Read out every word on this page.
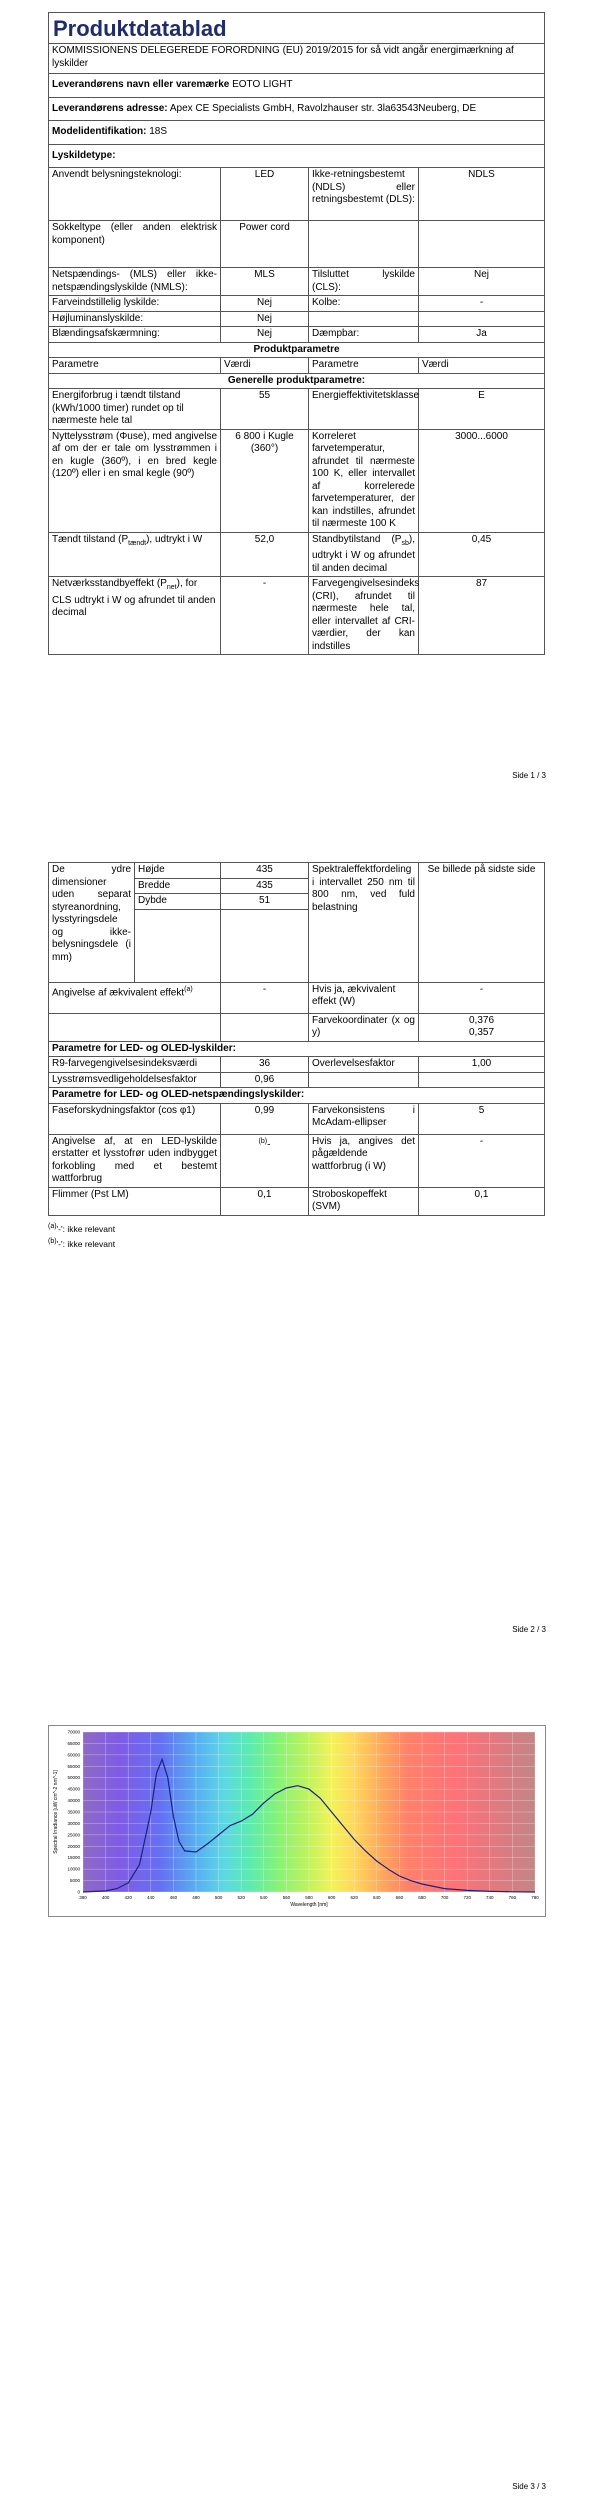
Produktdatablad			
KOMMISSIONENS DELEGEREDE FORORDNING (EU) 2019/2015 for så vidt angår energimærkning af lyskilder			
Leverandørens navn eller varemærke EOTO LIGHT			
Leverandørens adresse: Apex CE Specialists GmbH, Ravolzhauser str. 3la63543Neuberg, DE			
Modelidentifikation: 18S			
Lyskildetype:			
Anvendt belysningsteknologi:	LED	Ikke-retningsbestemt (NDLS) eller retningsbestemt (DLS):	NDLS
Sokkeltype (eller anden elektrisk komponent)	Power cord		
Netspændings- (MLS) eller ikke-netspændingslyskilde (NMLS):	MLS	Tilsluttet lyskilde (CLS):	Nej
Farveindstillelig lyskilde:	Nej	Kolbe:	-
Højluminanslyskilde:	Nej		
Blændingsafskærmning:	Nej	Dæmpbar:	Ja
Produktparametre			
Parametre	Værdi	Parametre	Værdi
Generelle produktparametre:			
Energiforbrug i tændt tilstand (kWh/1000 timer) rundet op til nærmeste hele tal	55	Energieffektivitetsklasse	E
Nyttelysstrøm (Φuse), med angivelse af om der er tale om lysstrømmen i en kugle (360º), i en bred kegle (120º) eller i en smal kegle (90º)	6 800 i Kugle (360°)	Korreleret farvetemperatur, afrundet til nærmeste 100 K, eller intervallet af korrelerede farvetemperaturer, der kan indstilles, afrundet til nærmeste 100 K	3000...6000
Tændt tilstand $(P_{tændt})$, udtrykt i W	52,0	Standbytilstand $(P_{sb})$, udtrykt i W og afrundet til anden decimal	0,45
Netværksstandbyeffekt $(P_{net})$, for CLS udtrykt i W og afrundet til anden decimal	-	Farvegengivelsesindeks (CRI), afrundet til nærmeste hele tal, eller intervallet af CRI-værdier, der kan indstilles	87
Side 1 / 3
De ydre dimensioner uden separat styreanordning, lysstyringsdele og ikke-belysningsdele (i mm)	Højde	435	Spektraleffektfordeling i intervallet 250 nm til 800 nm, ved fuld belastning	Se billede på sidste side
	Bredde	435		
	Dybde	51		

Angivelse af ækvivalent effekt$^{(a)}$		-	Hvis ja, ækvivalent effekt (W)	-
			Farvekoordinater (x og y)	0,376
0,357

Parametre for LED- og OLED-lyskilder:				
R9-farvegengivelsesindeksværdi		36	Overlevelsesfaktor	1,00
Lysstrømsvedligeholdelsesfaktor		0,96		
Parametre for LED- og OLED-netspændingslyskilder:				
Faseforskydningsfaktor (cos φ1)		0,99	Farvekonsistens i McAdam-ellipser	5
Angivelse af, at en LED-lyskilde erstatter et lysstofrør uden indbygget forkobling med et bestemt wattforbrug		$^{(b)}$-	Hvis ja, angives det pågældende wattforbrug (i W)	-
Flimmer (Pst LM)		0,1	Stroboskopeffekt (SVM)	0,1
$^{(a)}$'-': ikke relevant
$^{(b)}$'-': ikke relevant
Side 2 / 3
Side 3 / 3
380	400	420	440	460	480	500	520	540	560	580	600	620	640	660	680	700	720	740	760	780
0
5000
10000
15000
20000
25000
30000
35000
40000
45000
50000
55000
60000
65000
70000
Wavelength [nm]
Spectral Irradiance [uW cm^-2 nm^-1]
